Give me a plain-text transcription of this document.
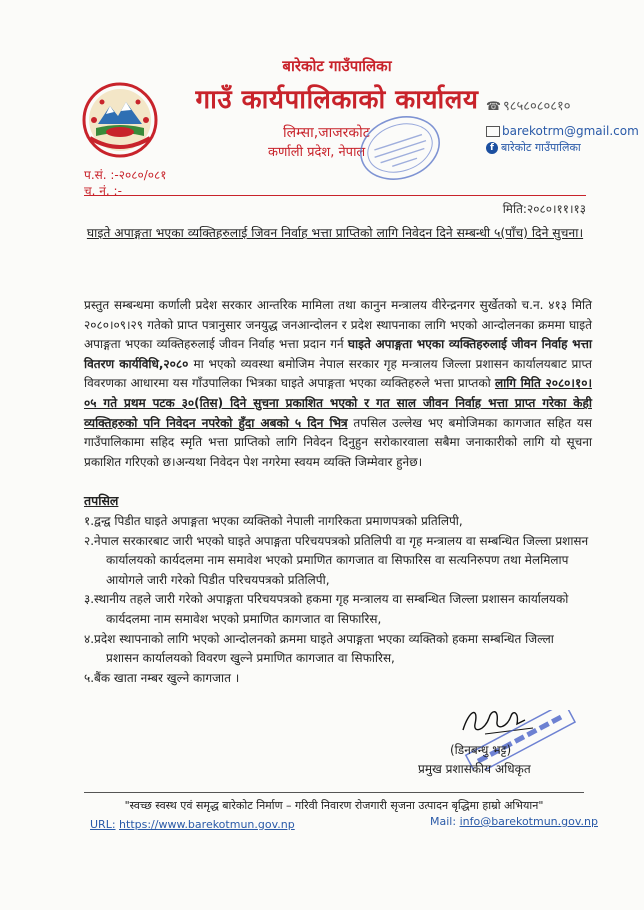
बारेकोट गाउँपालिका
गाउँ कार्यपालिकाको कार्यालय
लिम्सा,जाजरकोट
कर्णाली प्रदेश, नेपाल
☎ ९८५८०८०८१०
barekotrm@gmail.com
f बारेकोट गाउँपालिका
प.सं. :-२०८०/०८१
च. नं. :-
मिति:२०८०।११।१३
घाइते अपाङ्गता भएका व्यक्तिहरुलाई जिवन निर्वाह भत्ता प्राप्तिको लागि निवेदन दिने सम्बन्धी ५(पाँच) दिने सुचना।
प्रस्तुत सम्बन्धमा कर्णाली प्रदेश सरकार आन्तरिक मामिला तथा कानुन मन्त्रालय वीरेन्द्रनगर सुर्खेतको च.न. ४१३ मिति २०८०।०९।२९ गतेको प्राप्त पत्रानुसार जनयुद्ध जनआन्दोलन र प्रदेश स्थापनाका लागि भएको आन्दोलनका क्रममा घाइते अपाङ्गता भएका व्यक्तिहरुलाई जीवन निर्वाह भत्ता प्रदान गर्न घाइते अपाङ्गता भएका व्यक्तिहरुलाई जीवन निर्वाह भत्ता वितरण कार्यविधि,२०८० मा भएको व्यवस्था बमोजिम नेपाल सरकार गृह मन्त्रालय जिल्ला प्रशासन कार्यालयबाट प्राप्त विवरणका आधारमा यस गाँउपालिका भित्रका घाइते अपाङ्गता भएका व्यक्तिहरुले भत्ता प्राप्तको लागि मिति २०८०।१०।०५ गते प्रथम पटक ३०(तिस) दिने सुचना प्रकाशित भएको र गत साल जीवन निर्वाह भत्ता प्राप्त गरेका केही व्यक्तिहरुको पनि निवेदन नपरेको हुँदा अबको ५ दिन भित्र तपसिल उल्लेख भए बमोजिमका कागजात सहित यस गाउँपालिकामा सहिद स्मृति भत्ता प्राप्तिको लागि निवेदन दिनुहुन सरोकारवाला सबैमा जनाकारीको लागि यो सूचना प्रकाशित गरिएको छ।अन्यथा निवेदन पेश नगरेमा स्वयम व्यक्ति जिम्मेवार हुनेछ।
तपसिल
१.द्वन्द्व पिडीत घाइते अपाङ्गता भएका व्यक्तिको नेपाली नागरिकता प्रमाणपत्रको प्रतिलिपी,
२.नेपाल सरकारबाट जारी भएको घाइते अपाङ्गता परिचयपत्रको प्रतिलिपी वा गृह मन्त्रालय वा सम्बन्धित जिल्ला प्रशासन कार्यालयको कार्यदलमा नाम समावेश भएको प्रमाणित कागजात वा सिफारिस वा सत्यनिरुपण तथा मेलमिलाप आयोगले जारी गरेको पिडीत परिचयपत्रको प्रतिलिपी,
३.स्थानीय तहले जारी गरेको अपाङ्गता परिचयपत्रको हकमा गृह मन्त्रालय वा सम्बन्धित जिल्ला प्रशासन कार्यालयको कार्यदलमा नाम समावेश भएको प्रमाणित कागजात वा सिफारिस,
४.प्रदेश स्थापनाको लागि भएको आन्दोलनको क्रममा घाइते अपाङ्गता भएका व्यक्तिको हकमा सम्बन्धित जिल्ला प्रशासन कार्यालयको विवरण खुल्ने प्रमाणित कागजात वा सिफारिस,
५.बैंक खाता नम्बर खुल्ने कागजात ।
(डिनबन्धु भट्ट)
प्रमुख प्रशासकीय अधिकृत
"स्वच्छ स्वस्थ एवं समृद्ध बारेकोट निर्माण – गरिवी निवारण रोजगारी सृजना उत्पादन बृद्धिमा हाम्रो अभियान"
URL: https://www.barekotmun.gov.np	Mail: info@barekotmun.gov.np
